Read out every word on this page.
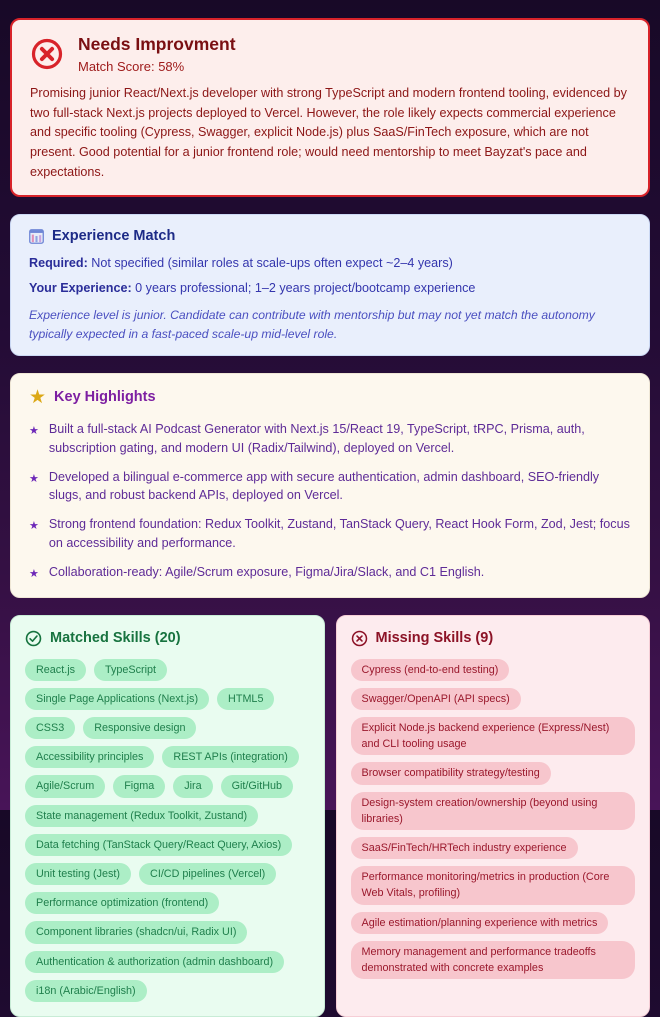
Needs Improvment
Match Score: 58%

Promising junior React/Next.js developer with strong TypeScript and modern frontend tooling, evidenced by two full-stack Next.js projects deployed to Vercel. However, the role likely expects commercial experience and specific tooling (Cypress, Swagger, explicit Node.js) plus SaaS/FinTech exposure, which are not present. Good potential for a junior frontend role; would need mentorship to meet Bayzat's pace and expectations.

Experience Match

Required: Not specified (similar roles at scale-ups often expect ~2–4 years)

Your Experience: 0 years professional; 1–2 years project/bootcamp experience

Experience level is junior. Candidate can contribute with mentorship but may not yet match the autonomy typically expected in a fast-paced scale-up mid-level role.

★ Key Highlights
★ Built a full-stack AI Podcast Generator with Next.js 15/React 19, TypeScript, tRPC, Prisma, auth, subscription gating, and modern UI (Radix/Tailwind), deployed on Vercel.
★ Developed a bilingual e-commerce app with secure authentication, admin dashboard, SEO-friendly slugs, and robust backend APIs, deployed on Vercel.
★ Strong frontend foundation: Redux Toolkit, Zustand, TanStack Query, React Hook Form, Zod, Jest; focus on accessibility and performance.
★ Collaboration-ready: Agile/Scrum exposure, Figma/Jira/Slack, and C1 English.
Matched Skills (20)
React.js	TypeScript
Single Page Applications (Next.js)	HTML5
CSS3	Responsive design
Accessibility principles	REST APIs (integration)
Agile/Scrum	Figma	Jira	Git/GitHub
State management (Redux Toolkit, Zustand)
Data fetching (TanStack Query/React Query, Axios)
Unit testing (Jest)	CI/CD pipelines (Vercel)
Performance optimization (frontend)
Component libraries (shadcn/ui, Radix UI)
Authentication & authorization (admin dashboard)
i18n (Arabic/English)
Missing Skills (9)
Cypress (end-to-end testing)
Swagger/OpenAPI (API specs)
Explicit Node.js backend experience (Express/Nest) and CLI tooling usage
Browser compatibility strategy/testing
Design-system creation/ownership (beyond using libraries)
SaaS/FinTech/HRTech industry experience
Performance monitoring/metrics in production (Core Web Vitals, profiling)
Agile estimation/planning experience with metrics
Memory management and performance tradeoffs demonstrated with concrete examples
